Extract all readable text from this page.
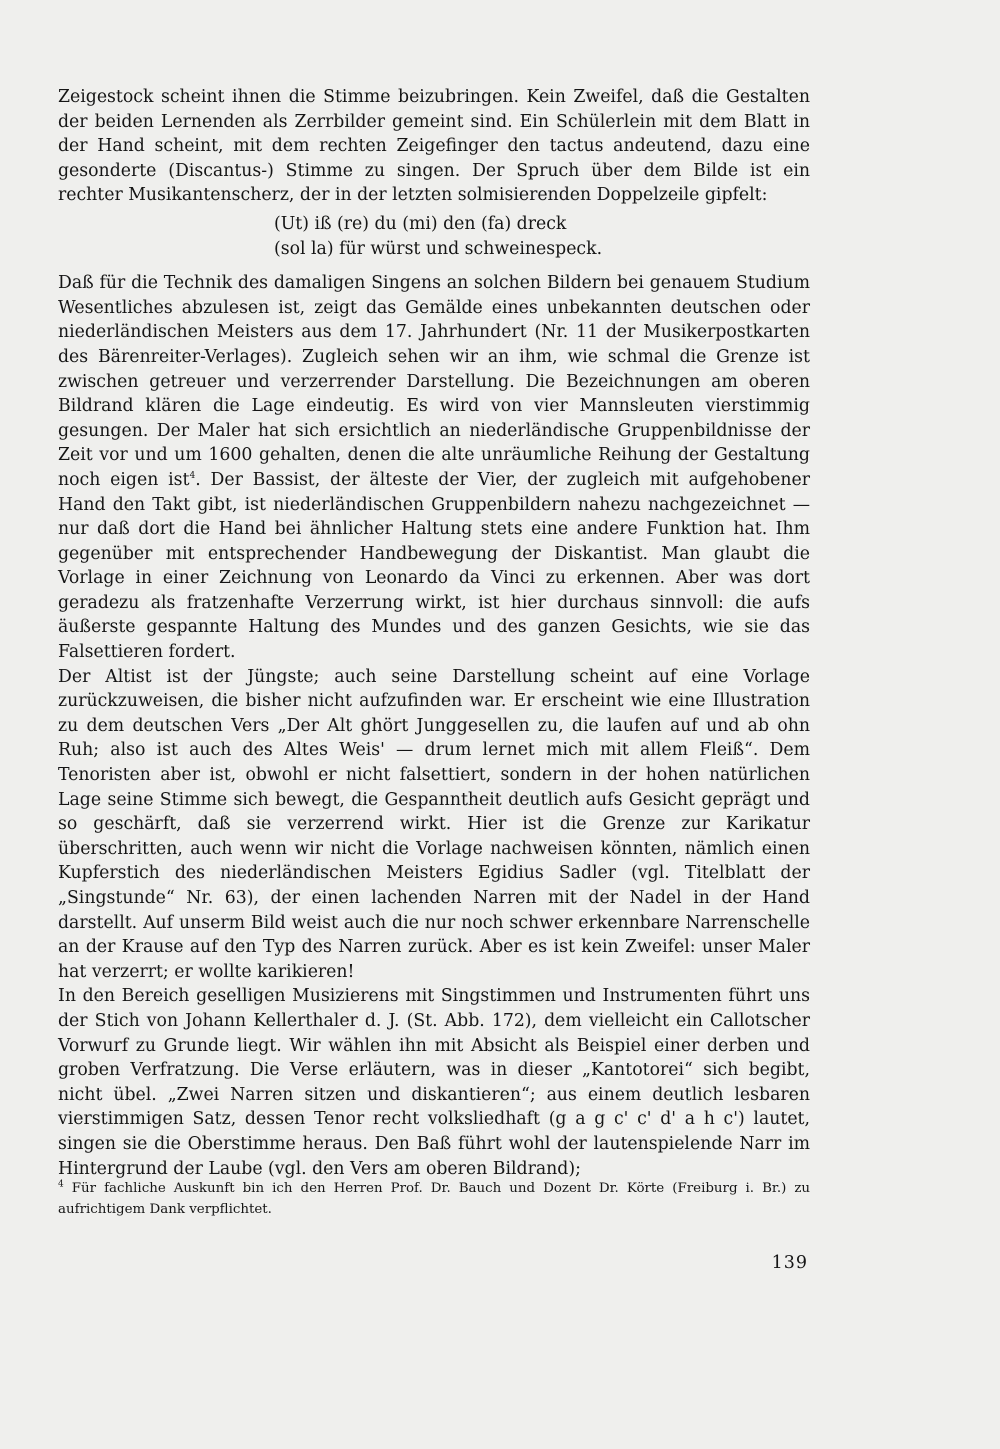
Zeigestock scheint ihnen die Stimme beizubringen. Kein Zweifel, daß die Gestalten der beiden Lernenden als Zerrbilder gemeint sind. Ein Schülerlein mit dem Blatt in der Hand scheint, mit dem rechten Zeigefinger den tactus andeutend, dazu eine gesonderte (Discantus-) Stimme zu singen. Der Spruch über dem Bilde ist ein rechter Musikantenscherz, der in der letzten solmisierenden Doppelzeile gipfelt:

(Ut) iß (re) du (mi) den (fa) dreck
(sol la) für würst und schweinespeck.

Daß für die Technik des damaligen Singens an solchen Bildern bei genauem Studium Wesentliches abzulesen ist, zeigt das Gemälde eines unbekannten deutschen oder niederländischen Meisters aus dem 17. Jahrhundert (Nr. 11 der Musikerpostkarten des Bärenreiter-Verlages). Zugleich sehen wir an ihm, wie schmal die Grenze ist zwischen getreuer und verzerrender Darstellung. Die Bezeichnungen am oberen Bildrand klären die Lage eindeutig. Es wird von vier Mannsleuten vierstimmig gesungen. Der Maler hat sich ersichtlich an niederländische Gruppenbildnisse der Zeit vor und um 1600 gehalten, denen die alte unräumliche Reihung der Gestaltung noch eigen ist$^4$. Der Bassist, der älteste der Vier, der zugleich mit aufgehobener Hand den Takt gibt, ist niederländischen Gruppenbildern nahezu nachgezeichnet — nur daß dort die Hand bei ähnlicher Haltung stets eine andere Funktion hat. Ihm gegenüber mit entsprechender Handbewegung der Diskantist. Man glaubt die Vorlage in einer Zeichnung von Leonardo da Vinci zu erkennen. Aber was dort geradezu als fratzenhafte Verzerrung wirkt, ist hier durchaus sinnvoll: die aufs äußerste gespannte Haltung des Mundes und des ganzen Gesichts, wie sie das Falsettieren fordert.

Der Altist ist der Jüngste; auch seine Darstellung scheint auf eine Vorlage zurückzuweisen, die bisher nicht aufzufinden war. Er erscheint wie eine Illustration zu dem deutschen Vers „Der Alt ghört Junggesellen zu, die laufen auf und ab ohn Ruh; also ist auch des Altes Weis' — drum lernet mich mit allem Fleiß“. Dem Tenoristen aber ist, obwohl er nicht falsettiert, sondern in der hohen natürlichen Lage seine Stimme sich bewegt, die Gespanntheit deutlich aufs Gesicht geprägt und so geschärft, daß sie verzerrend wirkt. Hier ist die Grenze zur Karikatur überschritten, auch wenn wir nicht die Vorlage nachweisen könnten, nämlich einen Kupferstich des niederländischen Meisters Egidius Sadler (vgl. Titelblatt der „Singstunde“ Nr. 63), der einen lachenden Narren mit der Nadel in der Hand darstellt. Auf unserm Bild weist auch die nur noch schwer erkennbare Narrenschelle an der Krause auf den Typ des Narren zurück. Aber es ist kein Zweifel: unser Maler hat verzerrt; er wollte karikieren!

In den Bereich geselligen Musizierens mit Singstimmen und Instrumenten führt uns der Stich von Johann Kellerthaler d. J. (St. Abb. 172), dem vielleicht ein Callotscher Vorwurf zu Grunde liegt. Wir wählen ihn mit Absicht als Beispiel einer derben und groben Verfratzung. Die Verse erläutern, was in dieser „Kantotorei“ sich begibt, nicht übel. „Zwei Narren sitzen und diskantieren“; aus einem deutlich lesbaren vierstimmigen Satz, dessen Tenor recht volksliedhaft (g a g c' c' d' a h c') lautet, singen sie die Oberstimme heraus. Den Baß führt wohl der lautenspielende Narr im Hintergrund der Laube (vgl. den Vers am oberen Bildrand);

$^4$ Für fachliche Auskunft bin ich den Herren Prof. Dr. Bauch und Dozent Dr. Körte (Freiburg i. Br.) zu aufrichtigem Dank verpflichtet.
139
